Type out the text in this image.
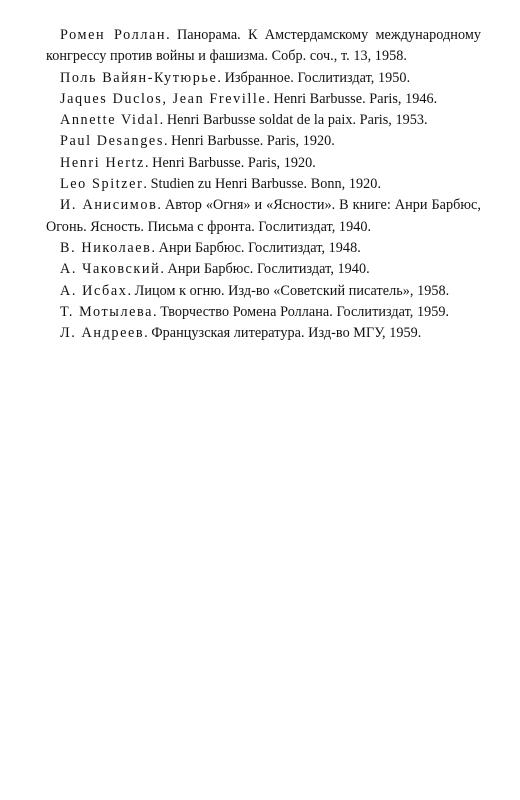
Ромен Роллан. Панорама. К Амстердамскому международному конгрессу против войны и фашизма. Собр. соч., т. 13, 1958.

Поль Вайян-Кутюрье. Избранное. Гослитиздат, 1950.

Jaques Duclos, Jean Freville. Henri Barbusse. Paris, 1946.

Annette Vidal. Henri Barbusse soldat de la paix. Paris, 1953.

Paul Desanges. Henri Barbusse. Paris, 1920.

Henri Hertz. Henri Barbusse. Paris, 1920.

Leo Spitzer. Studien zu Henri Barbusse. Bonn, 1920.

И. Анисимов. Автор «Огня» и «Ясности». В книге: Анри Барбюс, Огонь. Ясность. Письма с фронта. Гослитиздат, 1940.

В. Николаев. Анри Барбюс. Гослитиздат, 1948.

А. Чаковский. Анри Барбюс. Гослитиздат, 1940.

А. Исбах. Лицом к огню. Изд-во «Советский писатель», 1958.

Т. Мотылева. Творчество Ромена Роллана. Гослитиздат, 1959.

Л. Андреев. Французская литература. Изд-во МГУ, 1959.
